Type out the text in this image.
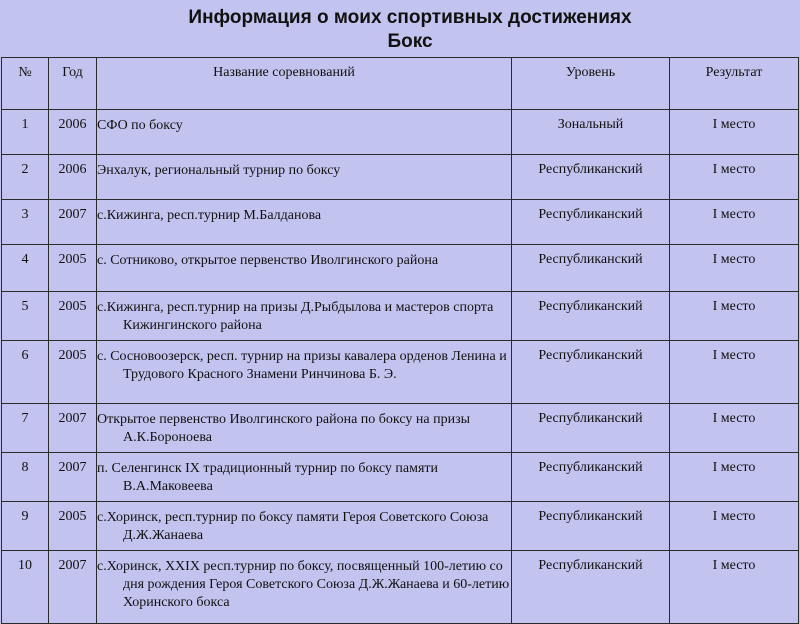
Информация о моих спортивных достижениях
Бокс
№	Год	Название соревнований	Уровень	Результат
1	2006	СФО по боксу	Зональный	I место
2	2006	Энхалук, региональный турнир по боксу	Республиканский	I место
3	2007	с.Кижинга, респ.турнир М.Балданова	Республиканский	I место
4	2005	с. Сотниково, открытое первенство Иволгинского района	Республиканский	I место
5	2005	с.Кижинга, респ.турнир на призы Д.Рыбдылова и мастеров спорта Кижингинского района	Республиканский	I место
6	2005	с. Сосновоозерск, респ. турнир на призы кавалера орденов Ленина и Трудового Красного Знамени Ринчинова Б. Э.	Республиканский	I место
7	2007	Открытое первенство Иволгинского района по боксу на призы А.К.Бороноева	Республиканский	I место
8	2007	п. Селенгинск IX традиционный турнир по боксу памяти В.А.Маковеева	Республиканский	I место
9	2005	с.Хоринск, респ.турнир по боксу памяти Героя Советского Союза Д.Ж.Жанаева	Республиканский	I место
10	2007	с.Хоринск, XXIX респ.турнир по боксу, посвященный 100-летию со дня рождения Героя Советского Союза Д.Ж.Жанаева и 60-летию Хоринского бокса	Республиканский	I место
